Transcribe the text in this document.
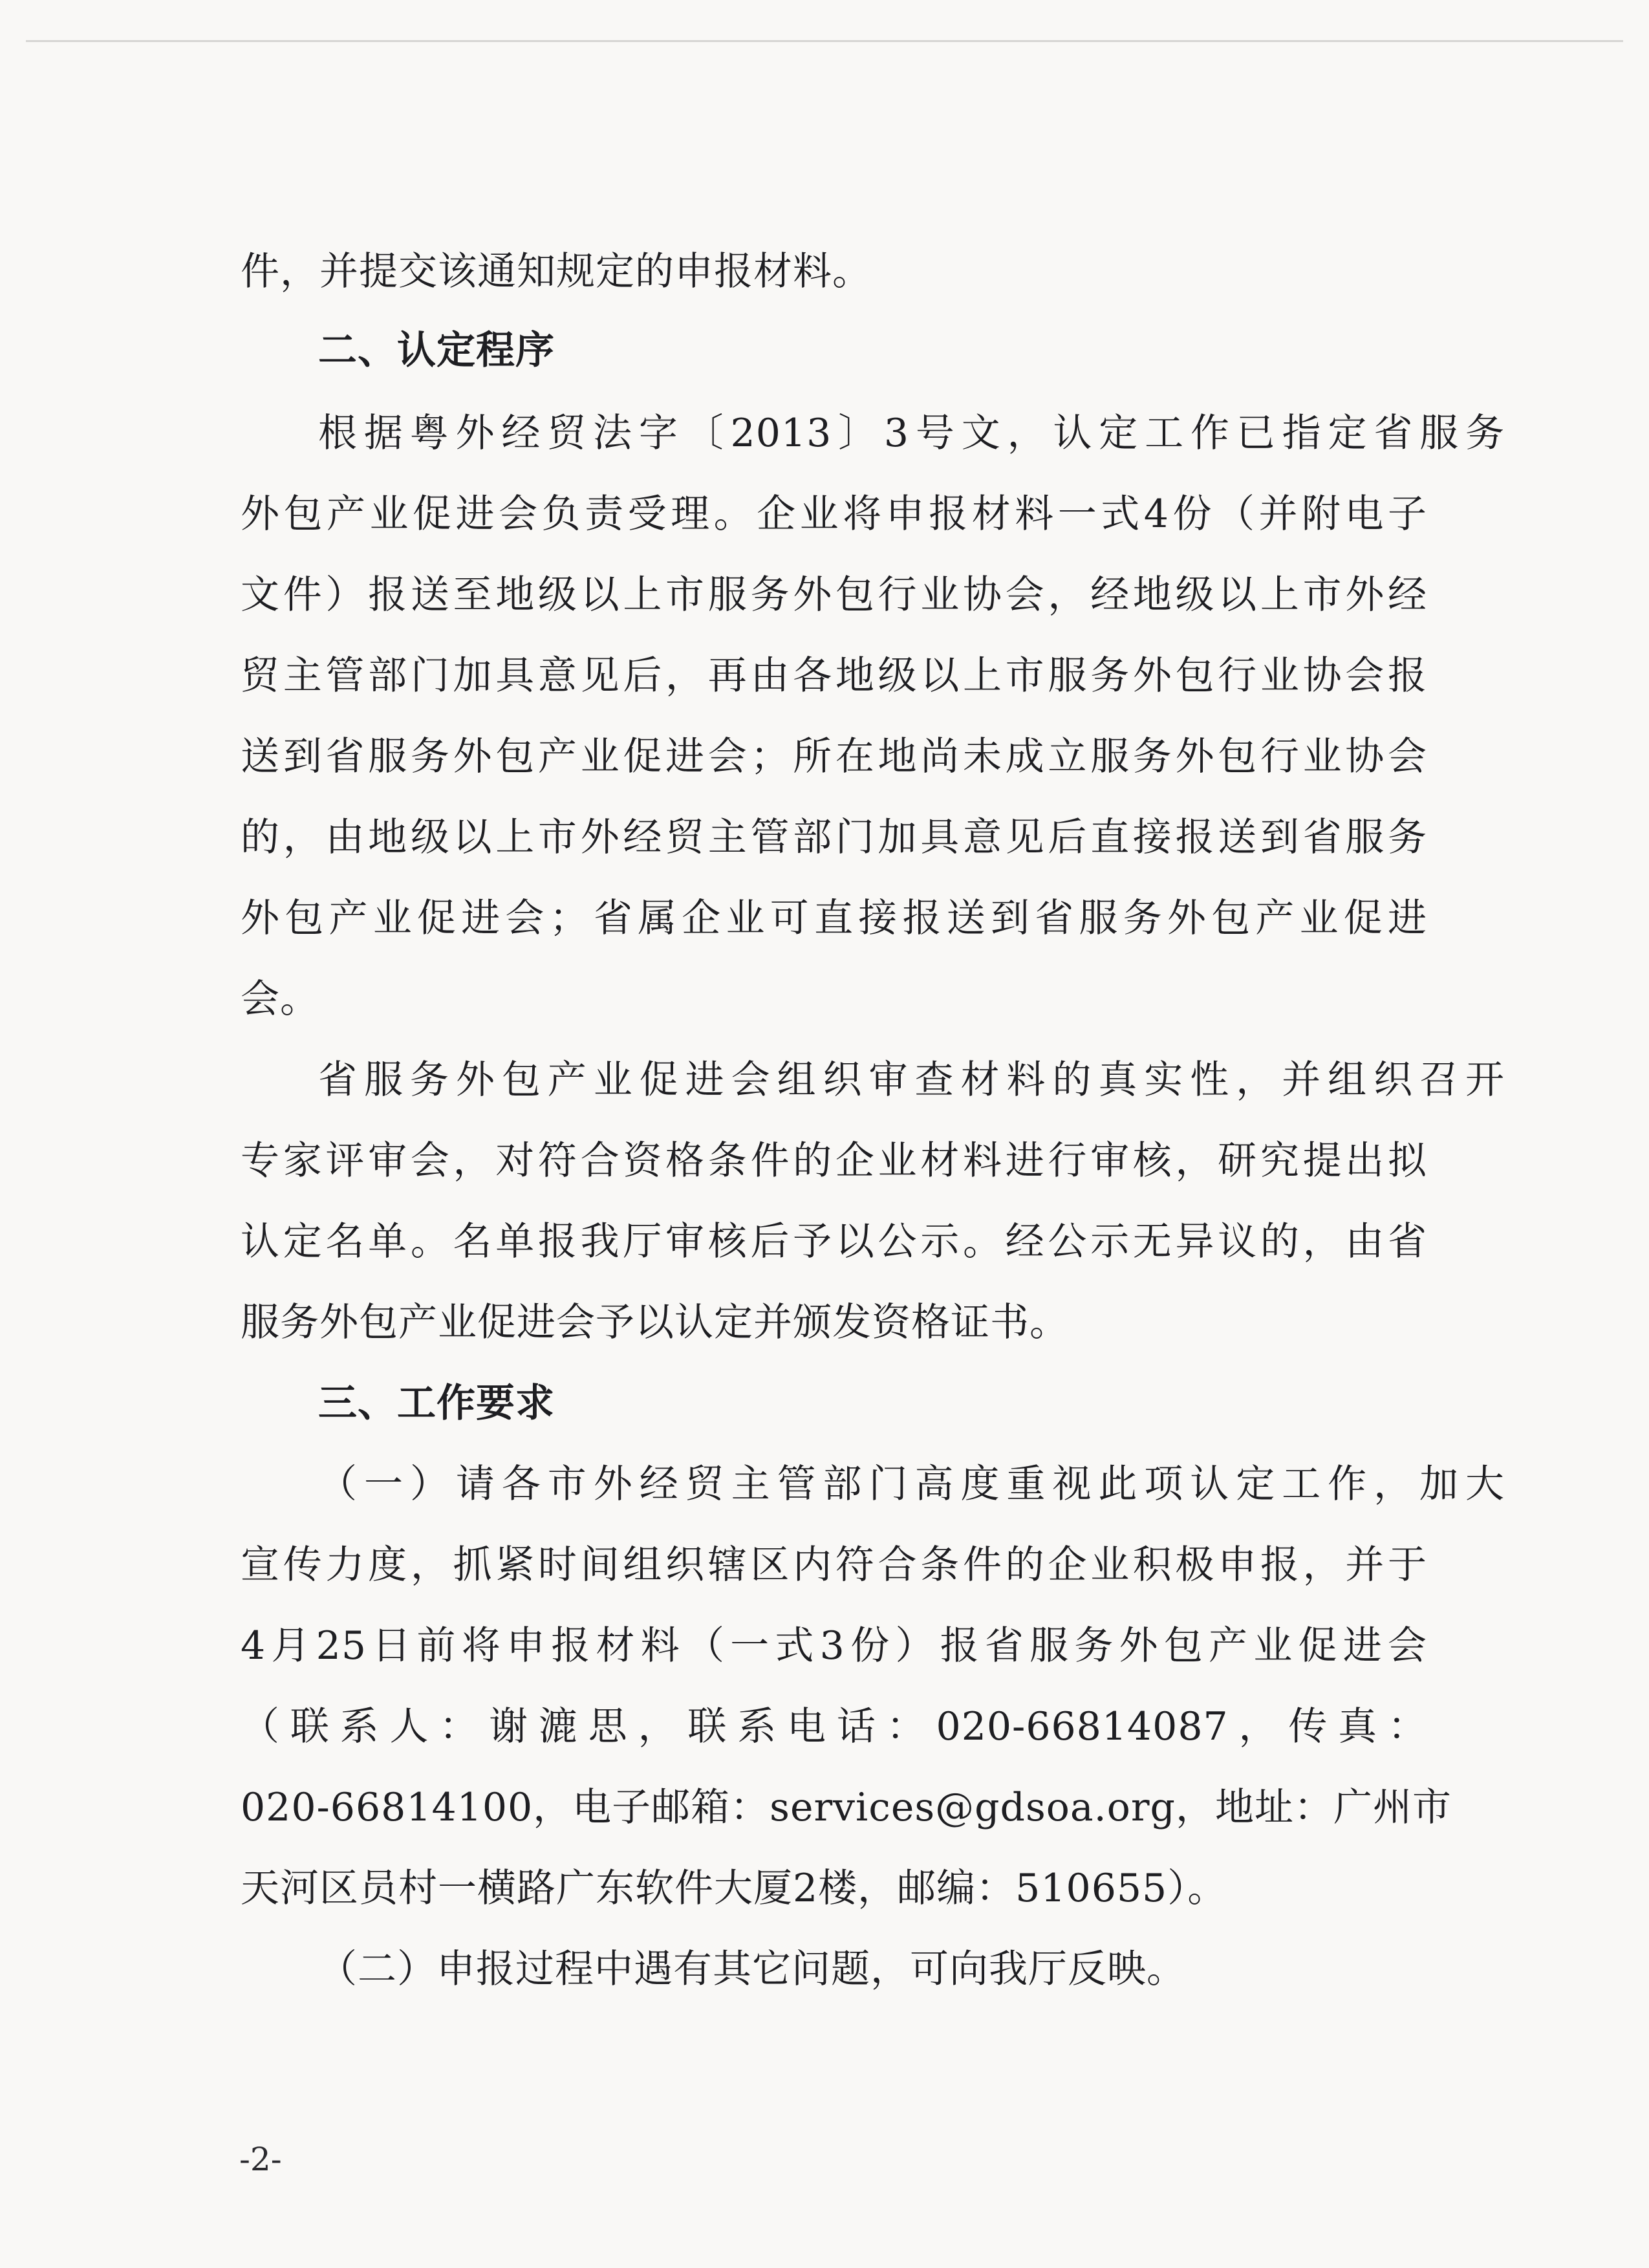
件，并提交该通知规定的申报材料。
二、认定程序
根据粤外经贸法字〔2013〕3号文，认定工作已指定省服务
外包产业促进会负责受理。企业将申报材料一式4份（并附电子
文件）报送至地级以上市服务外包行业协会，经地级以上市外经
贸主管部门加具意见后，再由各地级以上市服务外包行业协会报
送到省服务外包产业促进会；所在地尚未成立服务外包行业协会
的，由地级以上市外经贸主管部门加具意见后直接报送到省服务
外包产业促进会；省属企业可直接报送到省服务外包产业促进
会。
省服务外包产业促进会组织审查材料的真实性，并组织召开
专家评审会，对符合资格条件的企业材料进行审核，研究提出拟
认定名单。名单报我厅审核后予以公示。经公示无异议的，由省
服务外包产业促进会予以认定并颁发资格证书。
三、工作要求
（一）请各市外经贸主管部门高度重视此项认定工作，加大
宣传力度，抓紧时间组织辖区内符合条件的企业积极申报，并于
4月25日前将申报材料（一式3份）报省服务外包产业促进会
（联系人：谢漉思，联系电话：020-66814087，传真：
020-66814100，电子邮箱：services@gdsoa.org，地址：广州市
天河区员村一横路广东软件大厦2楼，邮编：510655）。
（二）申报过程中遇有其它问题，可向我厅反映。
-2-
